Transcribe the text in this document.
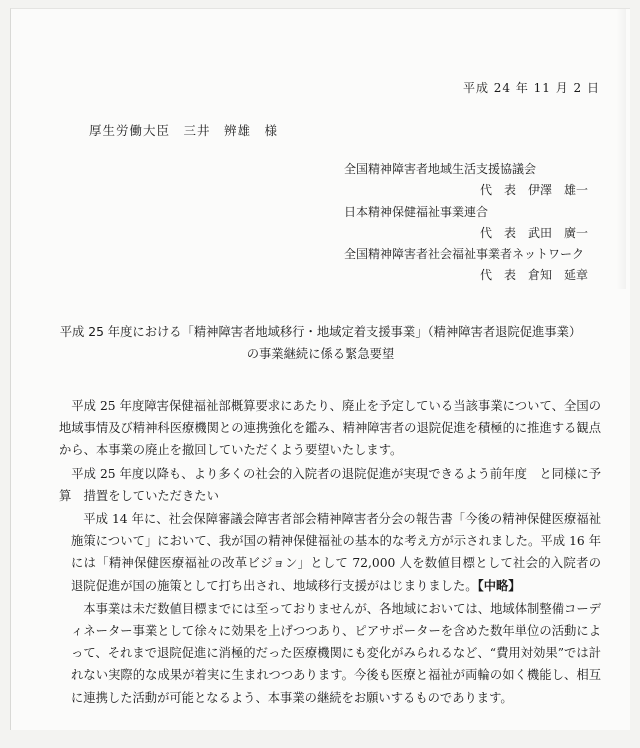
平成 24 年 11 月 2 日
厚生労働大臣　三井　辨雄　様
全国精神障害者地域生活支援協議会
代　表　伊澤　雄一
日本精神保健福祉事業連合
代　表　武田　廣一
全国精神障害者社会福祉事業者ネットワーク
代　表　倉知　延章
平成 25 年度における「精神障害者地域移行・地域定着支援事業」（精神障害者退院促進事業）
の事業継続に係る緊急要望

平成 25 年度障害保健福祉部概算要求にあたり、廃止を予定している当該事業について、全国の地域事情及び精神科医療機関との連携強化を鑑み、精神障害者の退院促進を積極的に推進する観点から、本事業の廃止を撤回していただくよう要望いたします。

平成 25 年度以降も、より多くの社会的入院者の退院促進が実現できるよう前年度　と同様に予算　措置をしていただきたい

平成 14 年に、社会保障審議会障害者部会精神障害者分会の報告書「今後の精神保健医療福祉施策について」において、我が国の精神保健福祉の基本的な考え方が示されました。平成 16 年には「精神保健医療福祉の改革ビジョン」として 72,000 人を数値目標として社会的入院者の退院促進が国の施策として打ち出され、地域移行支援がはじまりました。【中略】

本事業は未だ数値目標までには至っておりませんが、各地域においては、地域体制整備コーディネーター事業として徐々に効果を上げつつあり、ピアサポーターを含めた数年単位の活動によって、それまで退院促進に消極的だった医療機関にも変化がみられるなど、“費用対効果”では計れない実際的な成果が着実に生まれつつあります。今後も医療と福祉が両輪の如く機能し、相互に連携した活動が可能となるよう、本事業の継続をお願いするものであります。
